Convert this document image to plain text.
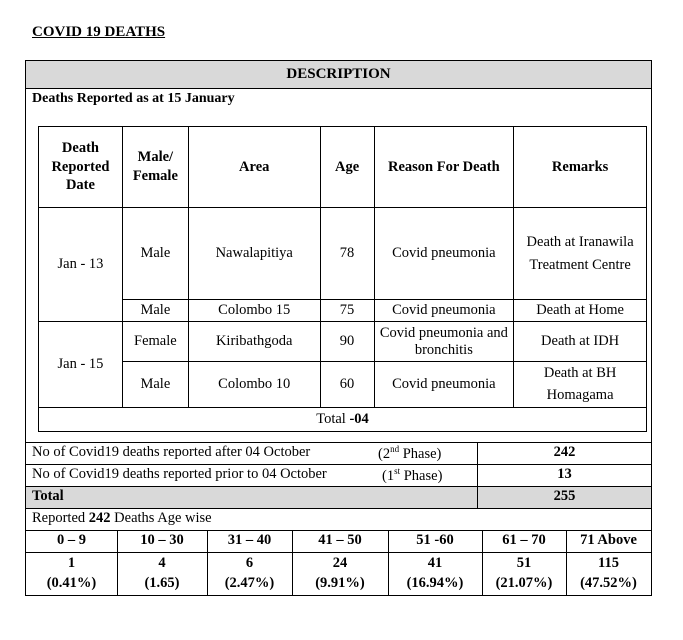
COVID 19 DEATHS
DESCRIPTION
Deaths Reported as at 15 January
Death Reported Date	Male/ Female	Area	Age	Reason For Death	Remarks
Jan - 13	Male	Nawalapitiya	78	Covid pneumonia	Death at Iranawila Treatment Centre
	Male	Colombo 15	75	Covid pneumonia	Death at Home
Jan - 15	Female	Kiribathgoda	90	Covid pneumonia and bronchitis	Death at IDH
	Male	Colombo 10	60	Covid pneumonia	Death at BH Homagama
Total -04					
No of Covid19 deaths reported after 04 October	(2nd Phase)	242
No of Covid19 deaths reported prior to 04 October	(1st Phase)	13
Total	255
Reported 242 Deaths Age wise
0 – 9	10 – 30	31 – 40	41 – 50	51 -60	61 – 70	71 Above
1	4	6	24	41	51	115
(0.41%)	(1.65)	(2.47%)	(9.91%)	(16.94%)	(21.07%)	(47.52%)
